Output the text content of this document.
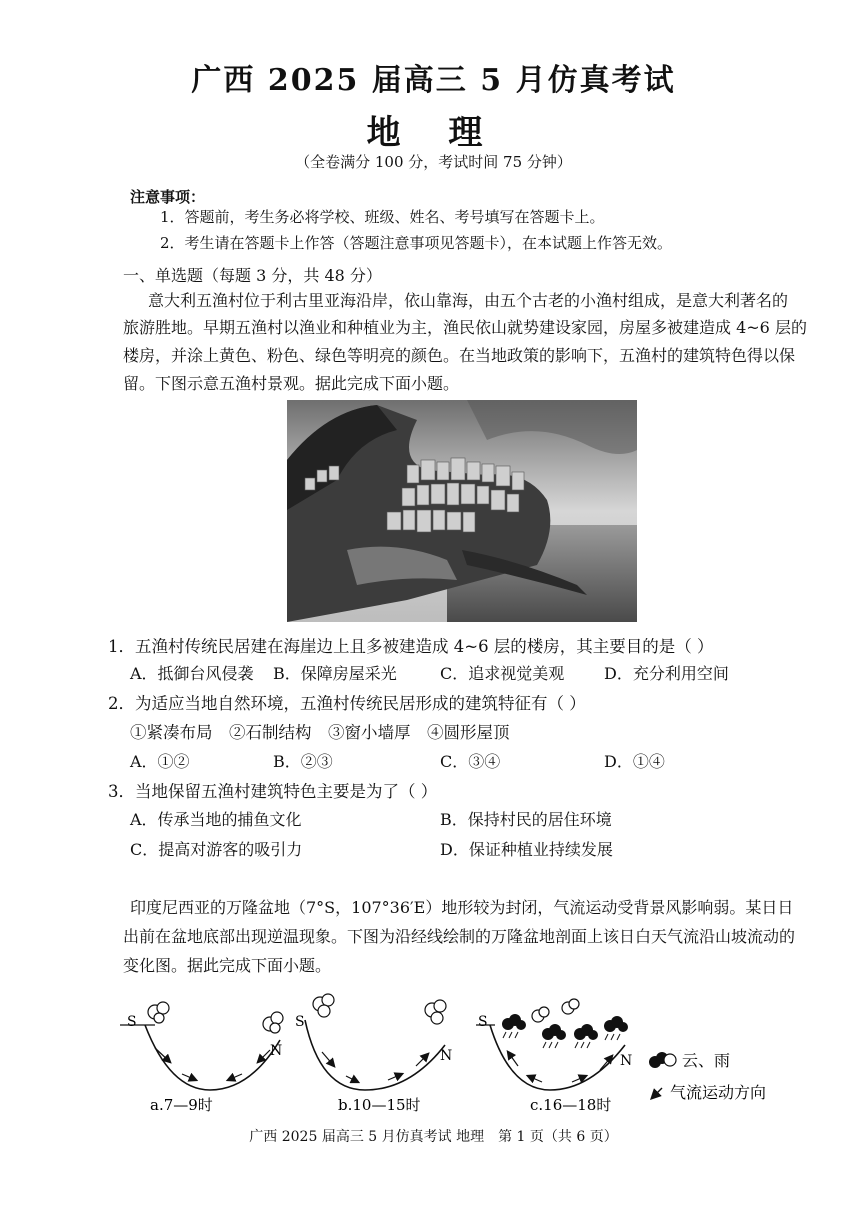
广西 2025 届高三 5 月仿真考试
地 理
（全卷满分 100 分，考试时间 75 分钟）
注意事项：
1．答题前，考生务必将学校、班级、姓名、考号填写在答题卡上。
2．考生请在答题卡上作答（答题注意事项见答题卡），在本试题上作答无效。
一、单选题（每题 3 分，共 48 分）
意大利五渔村位于利古里亚海沿岸，依山靠海，由五个古老的小渔村组成，是意大利著名的
旅游胜地。早期五渔村以渔业和种植业为主，渔民依山就势建设家园，房屋多被建造成 4~6 层的
楼房，并涂上黄色、粉色、绿色等明亮的颜色。在当地政策的影响下，五渔村的建筑特色得以保
留。下图示意五渔村景观。据此完成下面小题。
1．五渔村传统民居建在海崖边上且多被建造成 4~6 层的楼房，其主要目的是（ ）
A．抵御台风侵袭 B．保障房屋采光	C．追求视觉美观 D．充分利用空间
2．为适应当地自然环境，五渔村传统民居形成的建筑特征有（ ）
①紧凑布局　②石制结构　③窗小墙厚　④圆形屋顶
A．①②	B．②③	C．③④	D．①④
3．当地保留五渔村建筑特色主要是为了（ ）
A．传承当地的捕鱼文化	B．保持村民的居住环境
C．提高对游客的吸引力	D．保证种植业持续发展
印度尼西亚的万隆盆地（7°S，107°36′E）地形较为封闭，气流运动受背景风影响弱。某日日
出前在盆地底部出现逆温现象。下图为沿经线绘制的万隆盆地剖面上该日白天气流沿山坡流动的
变化图。据此完成下面小题。
S
N
a.7—9时
S
N
b.10—15时
S
N
c.16—18时
云、雨
气流运动方向
广西 2025 届高三 5 月仿真考试 地理　第 1 页（共 6 页）
